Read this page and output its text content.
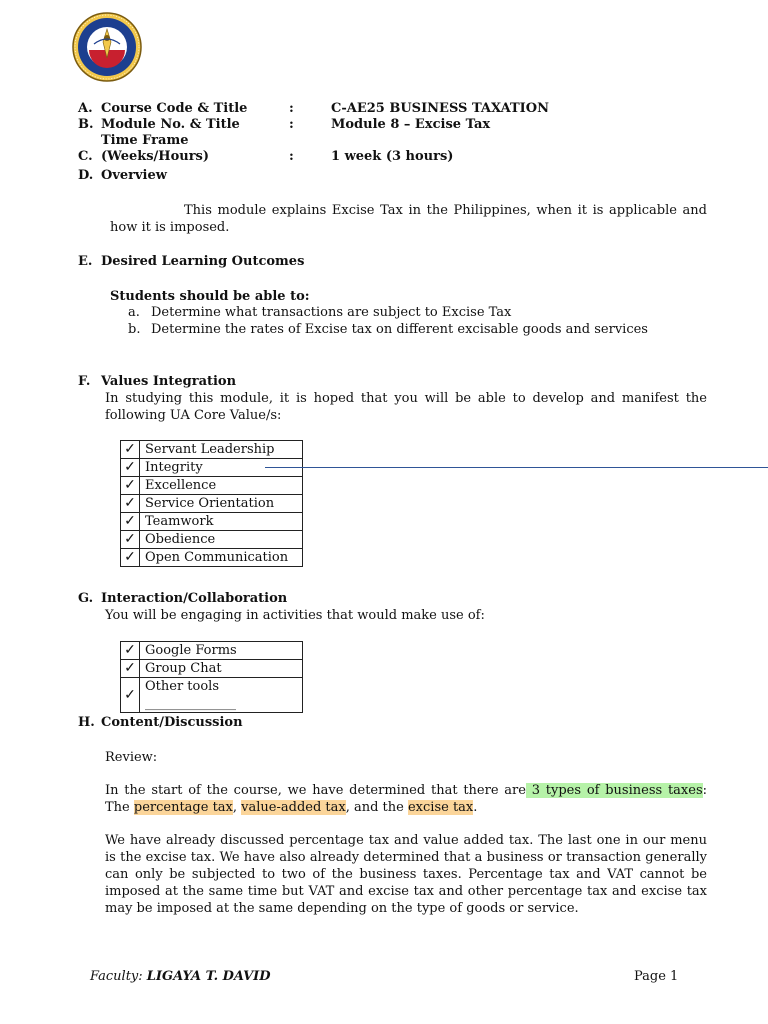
A. Course Code & Title	:	C-AE25 BUSINESS TAXATION
B. Module No. & Title	:	Module 8 – Excise Tax
C.Time Frame (Weeks/Hours)	:	1 week (3 hours)
D. Overview
This module explains Excise Tax in the Philippines, when it is applicable and how it is imposed.
E. Desired Learning Outcomes
Students should be able to:
a. Determine what transactions are subject to Excise Tax
b. Determine the rates of Excise tax on different excisable goods and services
F. Values Integration
In studying this module, it is hoped that you will be able to develop and manifest the following UA Core Value/s:
✓	Servant Leadership
✓	Integrity
✓	Excellence
✓	Service Orientation
✓	Teamwork
✓	Obedience
✓	Open Communication
G. Interaction/Collaboration
You will be engaging in activities that would make use of:
✓	Google Forms
✓	Group Chat
✓	Other tools ______________
H. Content/Discussion
Review:
In the start of the course, we have determined that there are 3 types of business taxes: The percentage tax, value-added tax, and the excise tax.
We have already discussed percentage tax and value added tax. The last one in our menu is the excise tax. We have also already determined that a business or transaction generally can only be subjected to two of the business taxes. Percentage tax and VAT cannot be imposed at the same time but VAT and excise tax and other percentage tax and excise tax may be imposed at the same depending on the type of goods or service.
Faculty: LIGAYA T. DAVID	Page 1
